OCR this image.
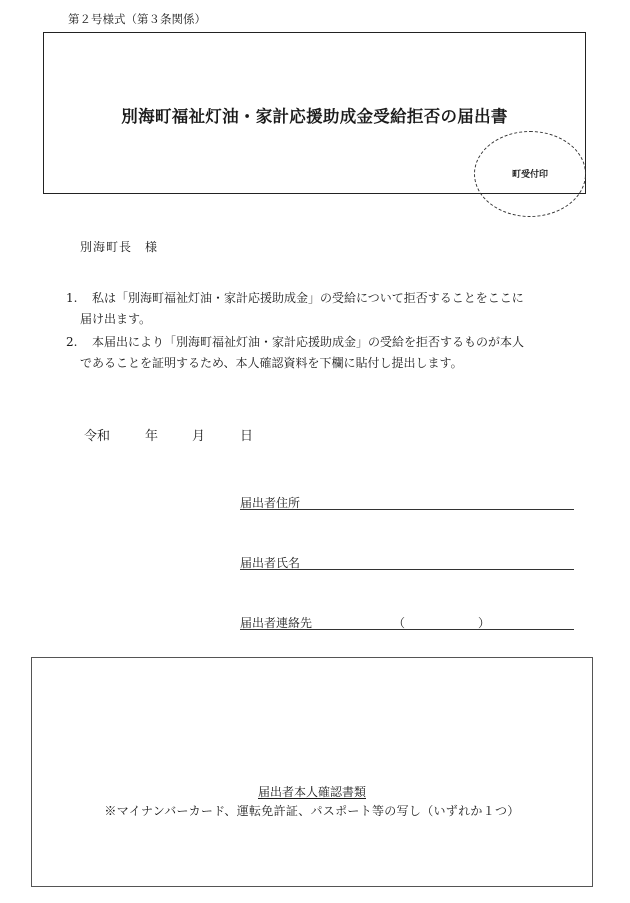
第２号様式（第３条関係）
別海町福祉灯油・家計応援助成金受給拒否の届出書
町受付印
別海町長　様
1. 私は「別海町福祉灯油・家計応援助成金」の受給について拒否することをここに
届け出ます。
2. 本届出により「別海町福祉灯油・家計応援助成金」の受給を拒否するものが本人
であることを証明するため、本人確認資料を下欄に貼付し提出します。
令和	年	月	日
届出者住所
届出者氏名
届出者連絡先	（	）
届出者本人確認書類
※マイナンバーカード、運転免許証、パスポート等の写し（いずれか１つ）
